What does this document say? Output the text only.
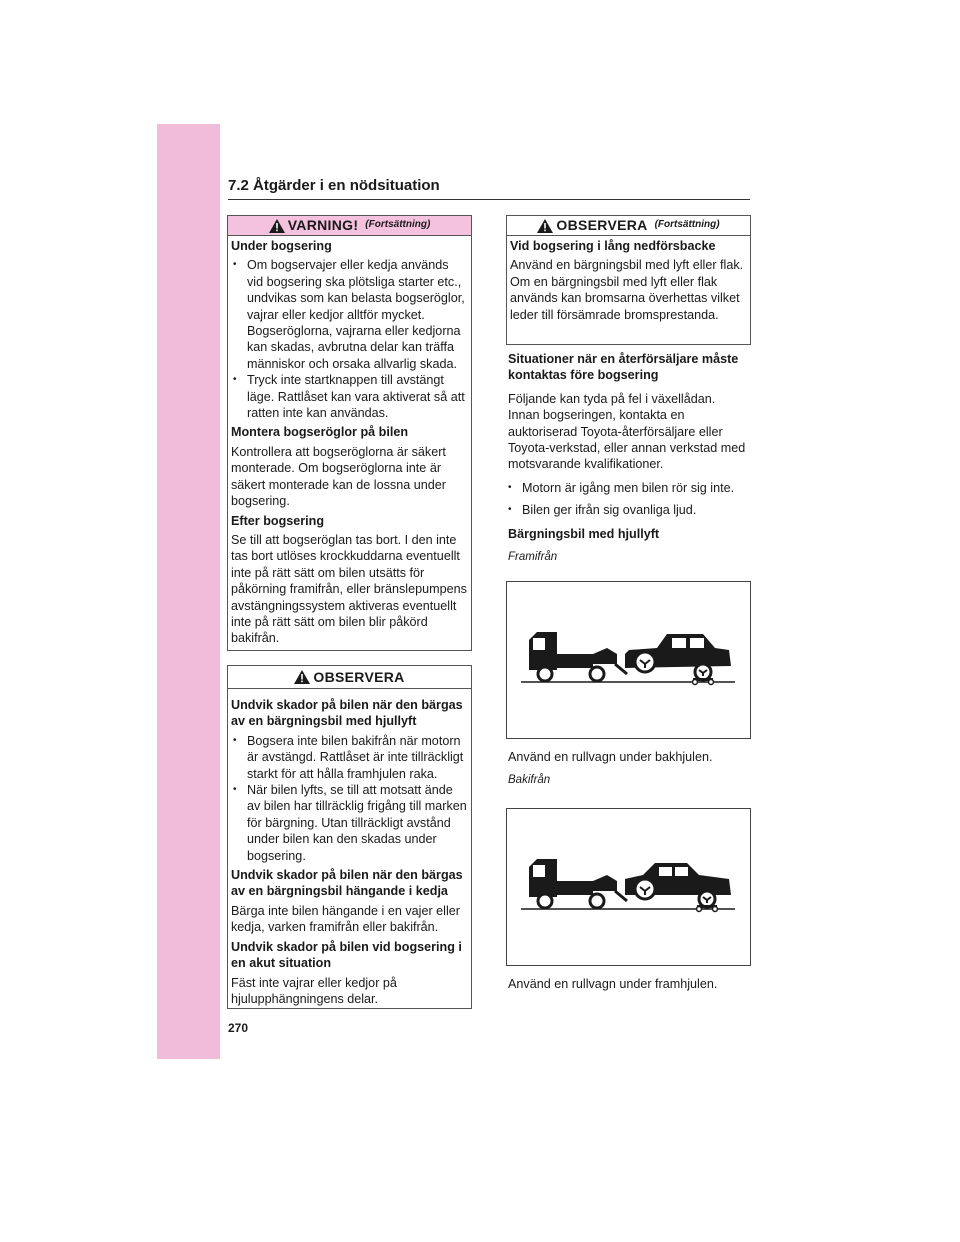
7.2 Åtgärder i en nödsituation
VARNING! (Fortsättning)

Under bogsering

• Om bogservajer eller kedja används vid bogsering ska plötsliga starter etc., undvikas som kan belasta bogseröglor, vajrar eller kedjor alltför mycket. Bogseröglorna, vajrarna eller kedjorna kan skadas, avbrutna delar kan träffa människor och orsaka allvarlig skada.
• Tryck inte startknappen till avstängt läge. Rattlåset kan vara aktiverat så att ratten inte kan användas.

Montera bogseröglor på bilen

Kontrollera att bogseröglorna är säkert monterade. Om bogseröglorna inte är säkert monterade kan de lossna under bogsering.

Efter bogsering

Se till att bogseröglan tas bort. I den inte tas bort utlöses krockkuddarna eventuellt inte på rätt sätt om bilen utsätts för påkörning framifrån, eller bränslepumpens avstängningssystem aktiveras eventuellt inte på rätt sätt om bilen blir påkörd bakifrån.

OBSERVERA

Undvik skador på bilen när den bärgas av en bärgningsbil med hjullyft

• Bogsera inte bilen bakifrån när motorn är avstängd. Rattlåset är inte tillräckligt starkt för att hålla framhjulen raka.
• När bilen lyfts, se till att motsatt ände av bilen har tillräcklig frigång till marken för bärgning. Utan tillräckligt avstånd under bilen kan den skadas under bogsering.

Undvik skador på bilen när den bärgas av en bärgningsbil hängande i kedja

Bärga inte bilen hängande i en vajer eller kedja, varken framifrån eller bakifrån.

Undvik skador på bilen vid bogsering i en akut situation

Fäst inte vajrar eller kedjor på hjulupphängningens delar.

OBSERVERA (Fortsättning)

Vid bogsering i lång nedförsbacke

Använd en bärgningsbil med lyft eller flak. Om en bärgningsbil med lyft eller flak används kan bromsarna överhettas vilket leder till försämrade bromsprestanda.

Situationer när en återförsäljare måste kontaktas före bogsering

Följande kan tyda på fel i växellådan. Innan bogseringen, kontakta en auktoriserad Toyota-återförsäljare eller Toyota-verkstad, eller annan verkstad med motsvarande kvalifikationer.

• Motorn är igång men bilen rör sig inte.
• Bilen ger ifrån sig ovanliga ljud.

Bärgningsbil med hjullyft

Framifrån

Använd en rullvagn under bakhjulen.

Bakifrån

Använd en rullvagn under framhjulen.

270
